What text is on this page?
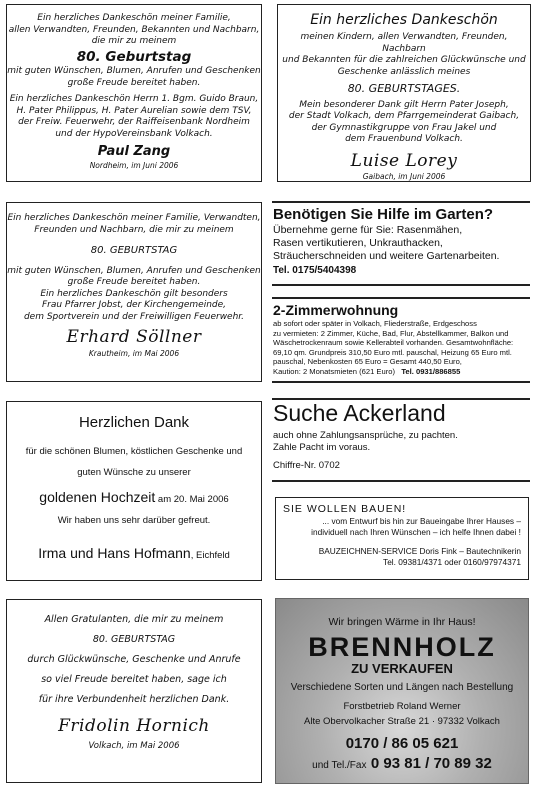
Ein herzliches Dankeschön meiner Familie,

allen Verwandten, Freunden, Bekannten und Nachbarn,

die mir zu meinem

80. Geburtstag

mit guten Wünschen, Blumen, Anrufen und Geschenken

große Freude bereitet haben.

Ein herzliches Dankeschön Herrn 1. Bgm. Guido Braun,

H. Pater Philippus, H. Pater Aurelian sowie dem TSV,

der Freiw. Feuerwehr, der Raiffeisenbank Nordheim

und der HypoVereinsbank Volkach.

Paul Zang

Nordheim, im Juni 2006

Ein herzliches Dankeschön

meinen Kindern, allen Verwandten, Freunden, Nachbarn

und Bekannten für die zahlreichen Glückwünsche und

Geschenke anlässlich meines

80. GEBURTSTAGES.

Mein besonderer Dank gilt Herrn Pater Joseph,

der Stadt Volkach, dem Pfarrgemeinderat Gaibach,

der Gymnastikgruppe von Frau Jakel und

dem Frauenbund Volkach.

Luise Lorey

Gaibach, im Juni 2006

Ein herzliches Dankeschön meiner Familie, Verwandten,

Freunden und Nachbarn, die mir zu meinem

80. GEBURTSTAG

mit guten Wünschen, Blumen, Anrufen und Geschenken

große Freude bereitet haben.

Ein herzliches Dankeschön gilt besonders

Frau Pfarrer Jobst, der Kirchengemeinde,

dem Sportverein und der Freiwilligen Feuerwehr.

Erhard Söllner

Krautheim, im Mai 2006

Herzlichen Dank

für die schönen Blumen, köstlichen Geschenke und

guten Wünsche zu unserer

goldenen Hochzeit am 20. Mai 2006

Wir haben uns sehr darüber gefreut.

Irma und Hans Hofmann, Eichfeld

Allen Gratulanten, die mir zu meinem

80. GEBURTSTAG

durch Glückwünsche, Geschenke und Anrufe

so viel Freude bereitet haben, sage ich

für ihre Verbundenheit herzlichen Dank.

Fridolin Hornich

Volkach, im Mai 2006

Benötigen Sie Hilfe im Garten?

Übernehme gerne für Sie: Rasenmähen,

Rasen vertikutieren, Unkrauthacken,

Sträucherschneiden und weitere Gartenarbeiten.

Tel. 0175/5404398

2-Zimmerwohnung

ab sofort oder später in Volkach, Fliederstraße, Erdgeschoss

zu vermieten: 2 Zimmer, Küche, Bad, Flur, Abstellkammer, Balkon und

Wäschetrockenraum sowie Kellerabteil vorhanden. Gesamtwohnfläche:

69,10 qm. Grundpreis 310,50 Euro mtl. pauschal, Heizung 65 Euro mtl.

pauschal, Nebenkosten 65 Euro = Gesamt 440,50 Euro,

Kaution: 2 Monatsmieten (621 Euro) Tel. 0931/886855

Suche Ackerland

auch ohne Zahlungsansprüche, zu pachten.

Zahle Pacht im voraus.

Chiffre-Nr. 0702

SIE WOLLEN BAUEN!

... vom Entwurf bis hin zur Baueingabe Ihrer Hauses –

individuell nach Ihren Wünschen – ich helfe Ihnen dabei !

BAUZEICHNEN-SERVICE Doris Fink – Bautechnikerin

Tel. 09381/4371 oder 0160/97974371

Wir bringen Wärme in Ihr Haus!

BRENNHOLZ

ZU VERKAUFEN

Verschiedene Sorten und Längen nach Bestellung

Forstbetrieb Roland Werner

Alte Obervolkacher Straße 21 · 97332 Volkach

0170 / 86 05 621

und Tel./Fax 0 93 81 / 70 89 32
